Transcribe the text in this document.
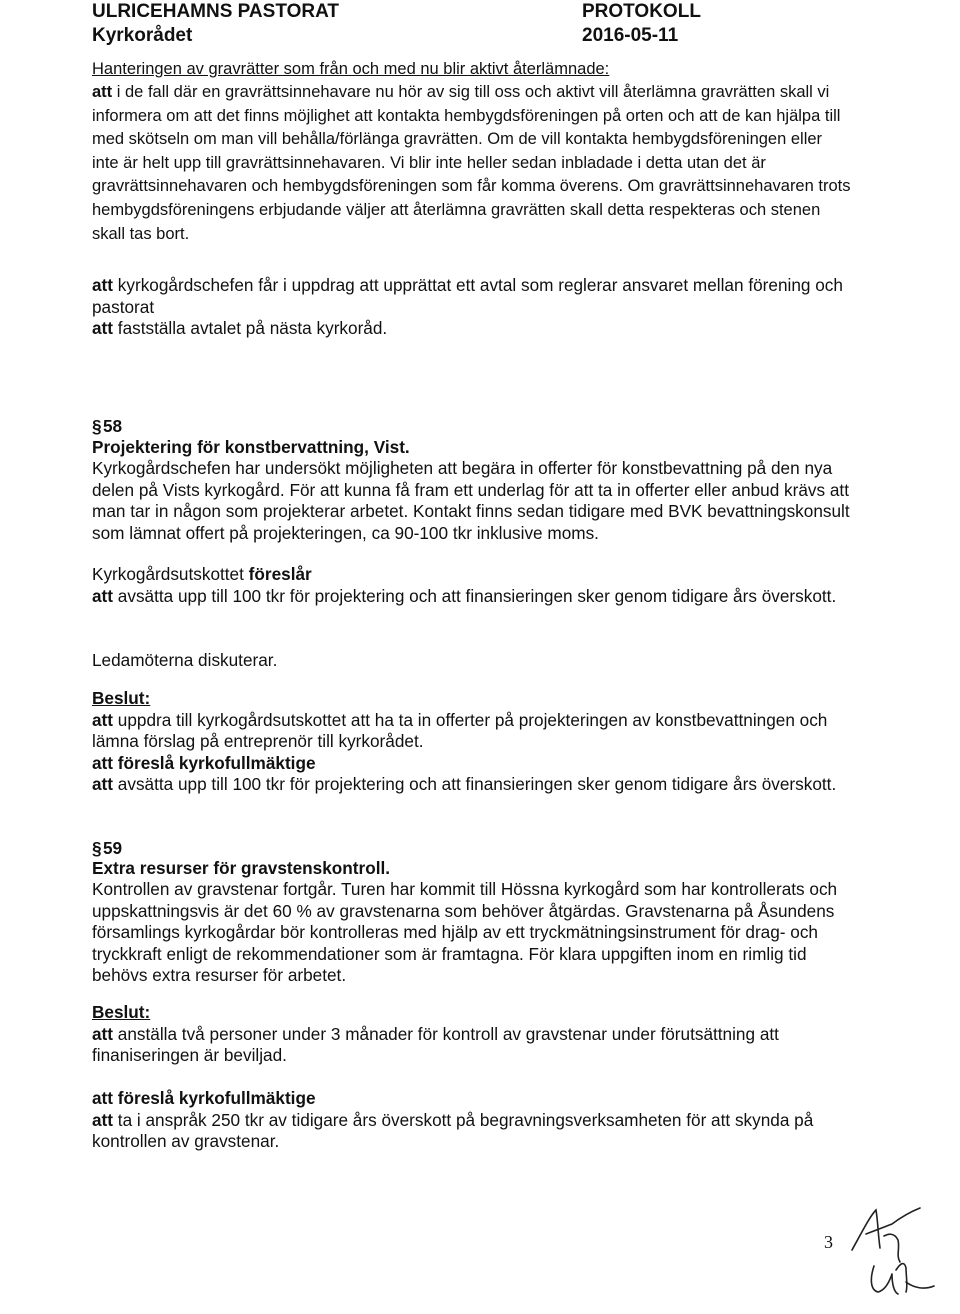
ULRICEHAMNS PASTORAT
Kyrkorådet
PROTOKOLL
2016-05-11
Hanteringen av gravrätter som från och med nu blir aktivt återlämnade:

att i de fall där en gravrättsinnehavare nu hör av sig till oss och aktivt vill återlämna gravrätten skall vi informera om att det finns möjlighet att kontakta hembygdsföreningen på orten och att de kan hjälpa till med skötseln om man vill behålla/förlänga gravrätten. Om de vill kontakta hembygdsföreningen eller inte är helt upp till gravrättsinnehavaren. Vi blir inte heller sedan inbladade i detta utan det är gravrättsinnehavaren och hembygdsföreningen som får komma överens. Om gravrättsinnehavaren trots hembygdsföreningens erbjudande väljer att återlämna gravrätten skall detta respekteras och stenen skall tas bort.

att kyrkogårdschefen får i uppdrag att upprättat ett avtal som reglerar ansvaret mellan förening och pastorat
att fastställa avtalet på nästa kyrkoråd.

§ 58
Projektering för konstbervattning, Vist.

Kyrkogårdschefen har undersökt möjligheten att begära in offerter för konstbevattning på den nya delen på Vists kyrkogård. För att kunna få fram ett underlag för att ta in offerter eller anbud krävs att man tar in någon som projekterar arbetet. Kontakt finns sedan tidigare med BVK bevattningskonsult som lämnat offert på projekteringen, ca 90-100 tkr inklusive moms.

Kyrkogårdsutskottet föreslår
att avsätta upp till 100 tkr för projektering och att finansieringen sker genom tidigare års överskott.

Ledamöterna diskuterar.

Beslut:
att uppdra till kyrkogårdsutskottet att ha ta in offerter på projekteringen av konstbevattningen och lämna förslag på entreprenör till kyrkorådet.
att föreslå kyrkofullmäktige
att avsätta upp till 100 tkr för projektering och att finansieringen sker genom tidigare års överskott.

§ 59
Extra resurser för gravstenskontroll.

Kontrollen av gravstenar fortgår. Turen har kommit till Hössna kyrkogård som har kontrollerats och uppskattningsvis är det 60 % av gravstenarna som behöver åtgärdas. Gravstenarna på Åsundens församlings kyrkogårdar bör kontrolleras med hjälp av ett tryckmätningsinstrument för drag- och tryckkraft enligt de rekommendationer som är framtagna. För klara uppgiften inom en rimlig tid behövs extra resurser för arbetet.

Beslut:
att anställa två personer under 3 månader för kontroll av gravstenar under förutsättning att finaniseringen är beviljad.

att föreslå kyrkofullmäktige
att ta i anspråk 250 tkr av tidigare års överskott på begravningsverksamheten för att skynda på kontrollen av gravstenar.

3
